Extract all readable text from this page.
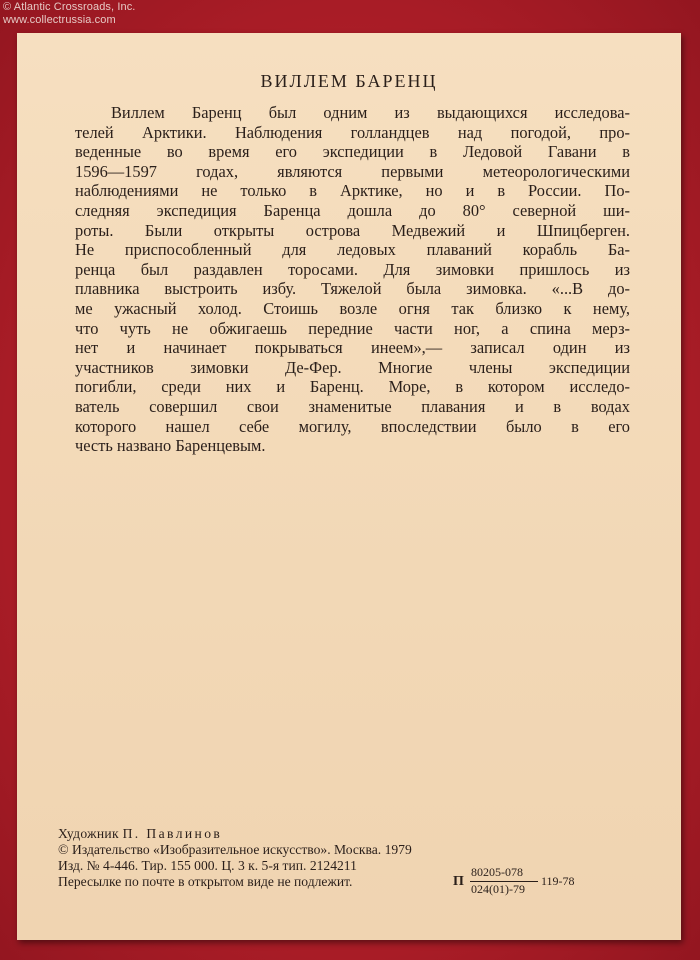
© Atlantic Crossroads, Inc.
www.collectrussia.com
ВИЛЛЕМ БАРЕНЦ
Виллем Баренц был одним из выдающихся исследова-
телей Арктики. Наблюдения голландцев над погодой, про-
веденные во время его экспедиции в Ледовой Гавани в
1596—1597 годах, являются первыми метеорологическими
наблюдениями не только в Арктике, но и в России. По-
следняя экспедиция Баренца дошла до 80° северной ши-
роты. Были открыты острова Медвежий и Шпицберген.
Не приспособленный для ледовых плаваний корабль Ба-
ренца был раздавлен торосами. Для зимовки пришлось из
плавника выстроить избу. Тяжелой была зимовка. «...В до-
ме ужасный холод. Стоишь возле огня так близко к нему,
что чуть не обжигаешь передние части ног, а спина мерз-
нет и начинает покрываться инеем»,— записал один из
участников зимовки Де-Фер. Многие члены экспедиции
погибли, среди них и Баренц. Море, в котором исследо-
ватель совершил свои знаменитые плавания и в водах
которого нашел себе могилу, впоследствии было в его
честь названо Баренцевым.
Художник П. Павлинов
© Издательство «Изобразительное искусство». Москва. 1979
Изд. № 4-446. Тир. 155 000. Ц. 3 к. 5-я тип. 2124211
Пересылке по почте в открытом виде не подлежит.	П
80205-078
024(01)-79
119-78
